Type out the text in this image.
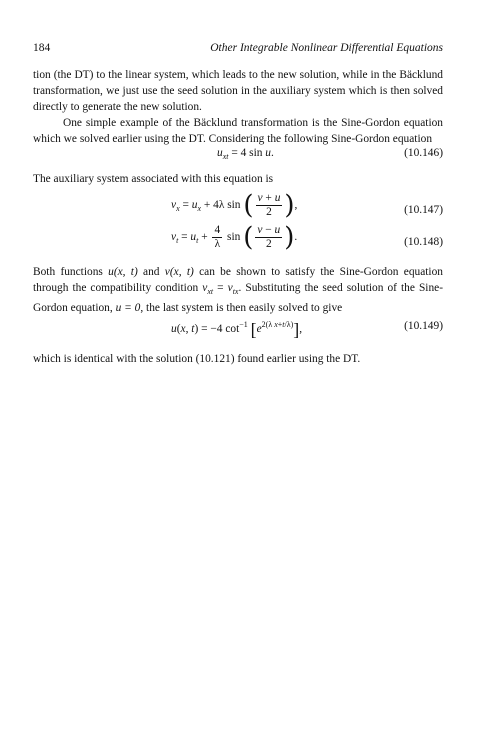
184	Other Integrable Nonlinear Differential Equations
tion (the DT) to the linear system, which leads to the new solution, while in the Bäcklund transformation, we just use the seed solution in the auxiliary system which is then solved directly to generate the new solution.
One simple example of the Bäcklund transformation is the Sine-Gordon equation which we solved earlier using the DT. Considering the following Sine-Gordon equation
$u_{xt} = 4$ sin u.	(10.146)
The auxiliary system associated with this equation is
$v_x = u_x + 4\lambda$ sin ( $\frac{v + u}{2}$ ),	(10.147)
$v_t = u_t + \frac{4}{\lambda}$ sin ( $\frac{v - u}{2}$ ).	(10.148)
Both functions u(x, t) and v(x, t) can be shown to satisfy the Sine-Gordon equation through the compatibility condition $v_{xt} = v_{tx}$. Substituting the seed solution of the Sine-Gordon equation, u = 0, the last system is then easily solved to give
u(x, t) = −4 $\cot^{-1} [e^{2(\lambda x+t/\lambda)}]$,	(10.149)
which is identical with the solution (10.121) found earlier using the DT.
